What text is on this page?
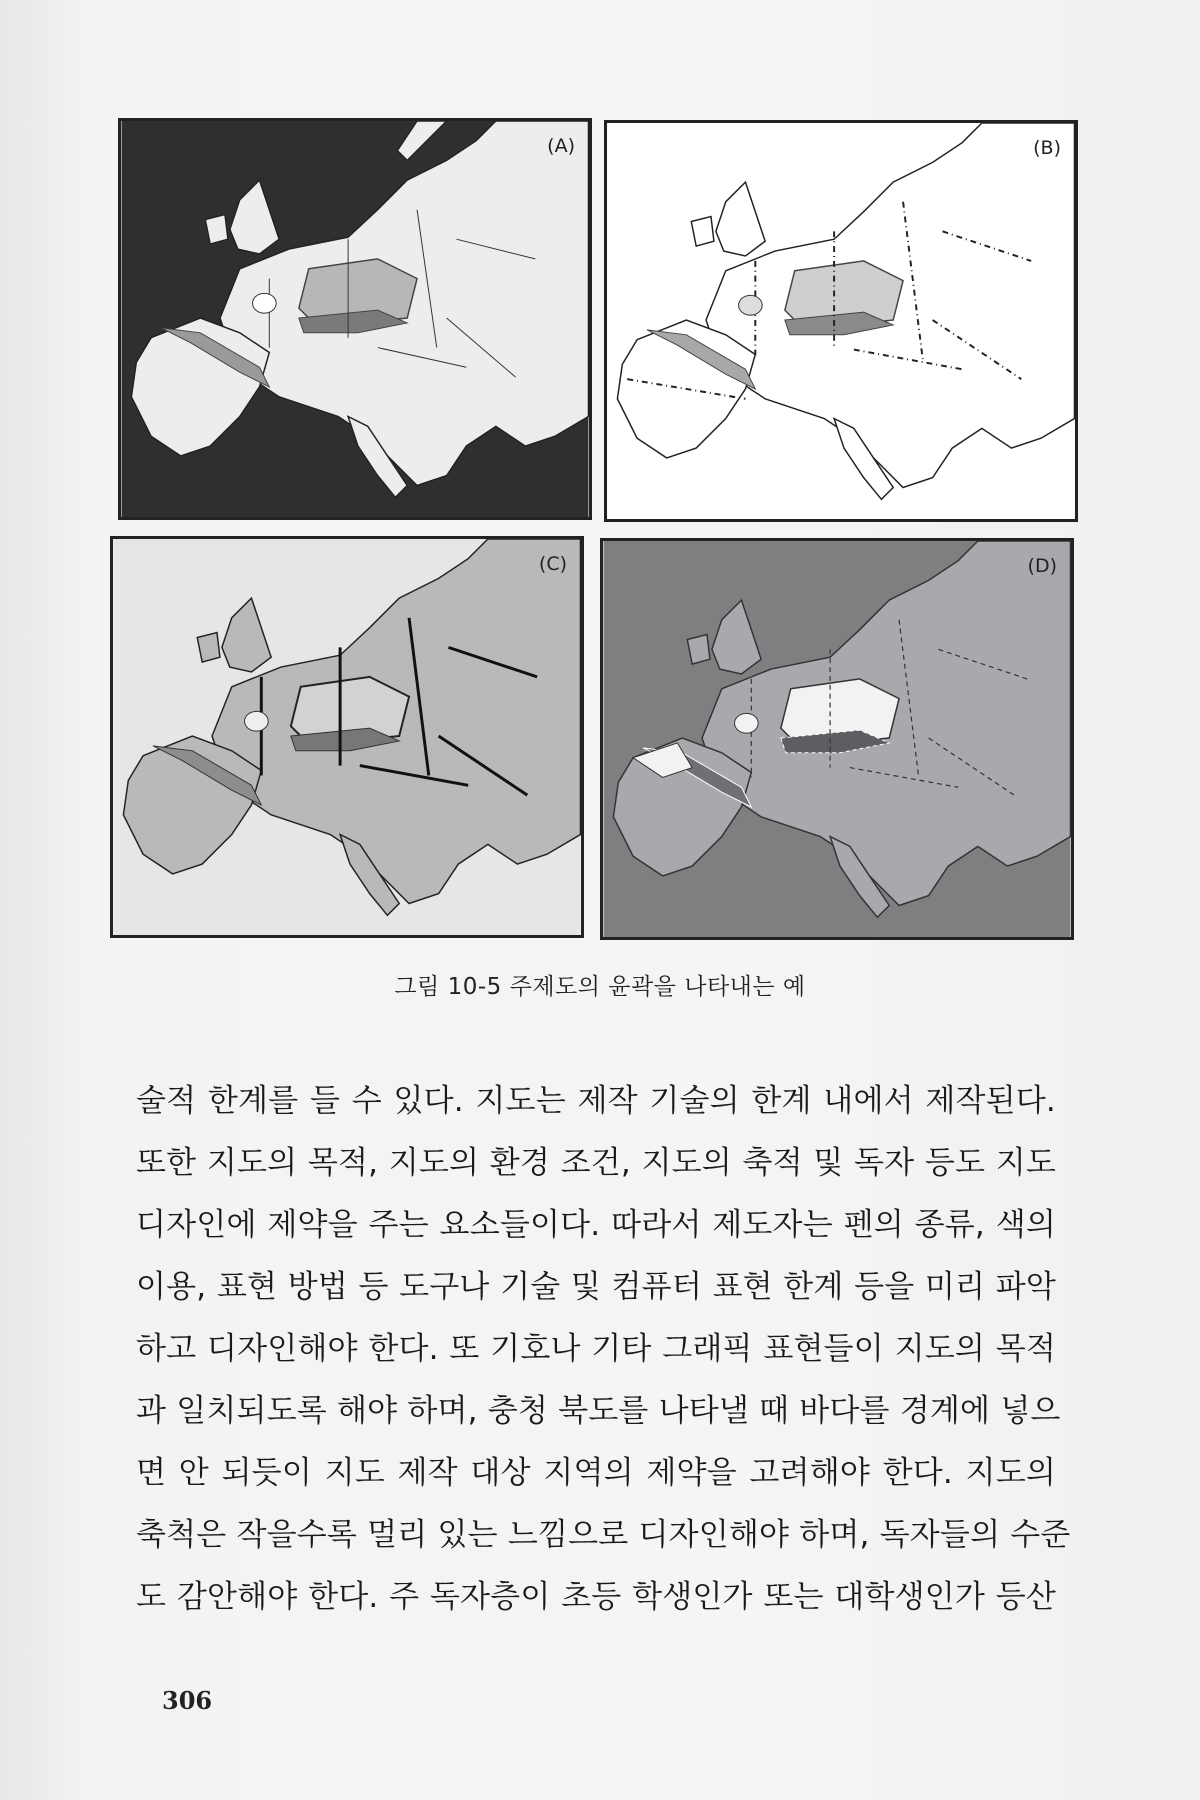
(A)	(B)
(C)	(D)
그림 10-5 주제도의 윤곽을 나타내는 예
술적 한계를 들 수 있다. 지도는 제작 기술의 한계 내에서 제작된다.
또한 지도의 목적, 지도의 환경 조건, 지도의 축적 및 독자 등도 지도
디자인에 제약을 주는 요소들이다. 따라서 제도자는 펜의 종류, 색의
이용, 표현 방법 등 도구나 기술 및 컴퓨터 표현 한계 등을 미리 파악
하고 디자인해야 한다. 또 기호나 기타 그래픽 표현들이 지도의 목적
과 일치되도록 해야 하며, 충청 북도를 나타낼 때 바다를 경계에 넣으
면 안 되듯이 지도 제작 대상 지역의 제약을 고려해야 한다. 지도의
축척은 작을수록 멀리 있는 느낌으로 디자인해야 하며, 독자들의 수준
도 감안해야 한다. 주 독자층이 초등 학생인가 또는 대학생인가 등산
306
